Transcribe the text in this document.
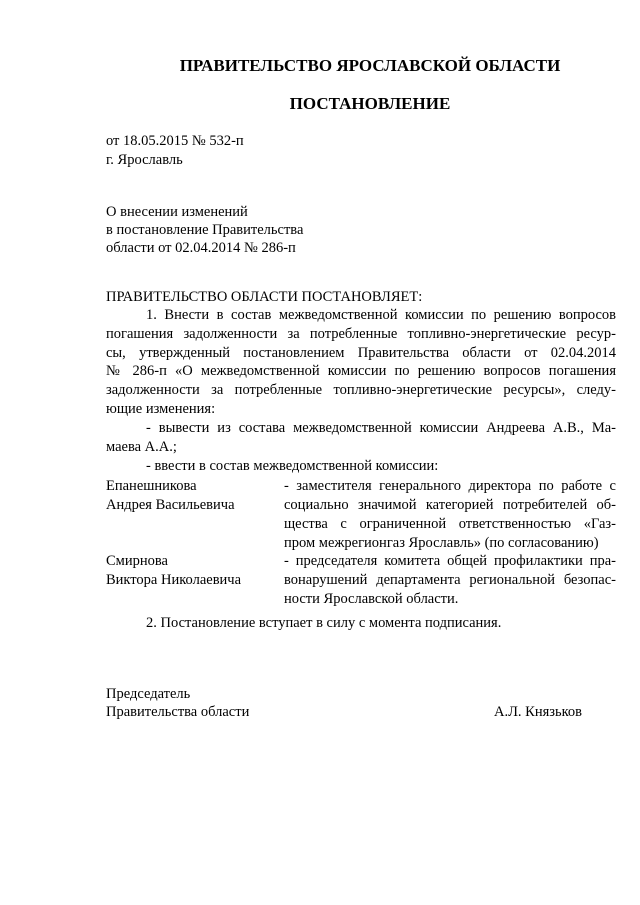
ПРАВИТЕЛЬСТВО ЯРОСЛАВСКОЙ ОБЛАСТИ
ПОСТАНОВЛЕНИЕ
от 18.05.2015 № 532-п
г. Ярославль
О внесении изменений
в постановление Правительства
области от 02.04.2014 № 286-п
ПРАВИТЕЛЬСТВО ОБЛАСТИ ПОСТАНОВЛЯЕТ:
1. Внести в состав межведомственной комиссии по решению вопросов
погашения задолженности за потребленные топливно-энергетические ресур-
сы, утвержденный постановлением Правительства области от 02.04.2014
№ 286-п «О межведомственной комиссии по решению вопросов погашения
задолженности за потребленные топливно-энергетические ресурсы», следу-
ющие изменения:
- вывести из состава межведомственной комиссии Андреева А.В., Ма-
маева А.А.;
- ввести в состав межведомственной комиссии:
Епанешникова
Андрея Васильевича
- заместителя генерального директора по работе с
социально значимой категорией потребителей об-
щества с ограниченной ответственностью «Газ-
пром межрегионгаз Ярославль» (по согласованию)
Смирнова
Виктора Николаевича
- председателя комитета общей профилактики пра-
вонарушений департамента региональной безопас-
ности Ярославской области.
2. Постановление вступает в силу с момента подписания.
Председатель
Правительства области	А.Л. Князьков
